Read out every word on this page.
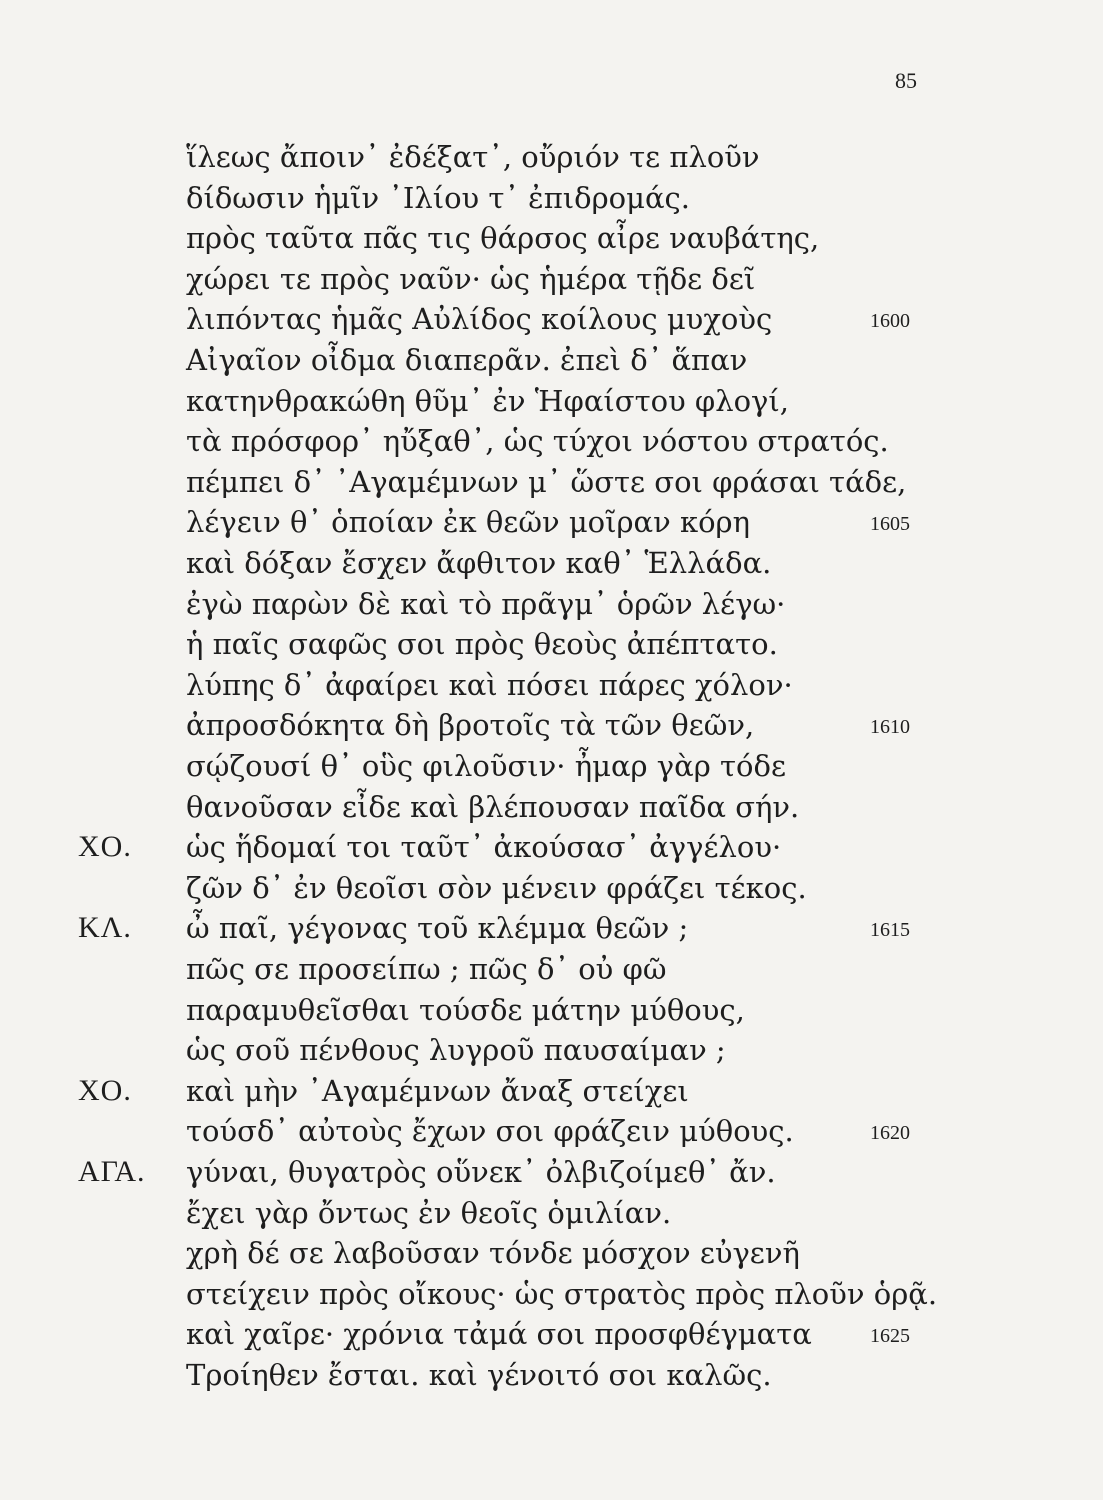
85
ἵλεως ἄποιν᾽ ἐδέξατ᾽, οὔριόν τε πλοῦν
δίδωσιν ἡμῖν ᾽Ιλίου τ᾽ ἐπιδρομάς.
πρὸς ταῦτα πᾶς τις θάρσος αἶρε ναυβάτης,
χώρει τε πρὸς ναῦν· ὡς ἡμέρα τῇδε δεῖ
λιπόντας ἡμᾶς Αὐλίδος κοίλους μυχοὺς	1600
Αἰγαῖον οἶδμα διαπερᾶν. ἐπεὶ δ᾽ ἅπαν
κατηνθρακώθη θῦμ᾽ ἐν Ἡφαίστου φλογί,
τὰ πρόσφορ᾽ ηὔξαθ᾽, ὡς τύχοι νόστου στρατός.
πέμπει δ᾽ ᾽Αγαμέμνων μ᾽ ὥστε σοι φράσαι τάδε,
λέγειν θ᾽ ὁποίαν ἐκ θεῶν μοῖραν κόρη	1605
καὶ δόξαν ἔσχεν ἄφθιτον καθ᾽ Ἑλλάδα.
ἐγὼ παρὼν δὲ καὶ τὸ πρᾶγμ᾽ ὁρῶν λέγω·
ἡ παῖς σαφῶς σοι πρὸς θεοὺς ἀπέπτατο.
λύπης δ᾽ ἀφαίρει καὶ πόσει πάρες χόλον·
ἀπροσδόκητα δὴ βροτοῖς τὰ τῶν θεῶν,	1610
σῴζουσί θ᾽ οὓς φιλοῦσιν· ἦμαρ γὰρ τόδε
θανοῦσαν εἶδε καὶ βλέπουσαν παῖδα σήν.
ΧΟ. ὡς ἥδομαί τοι ταῦτ᾽ ἀκούσασ᾽ ἀγγέλου·
ζῶν δ᾽ ἐν θεοῖσι σὸν μένειν φράζει τέκος.
ΚΛ. ὦ παῖ, γέγονας τοῦ κλέμμα θεῶν ;	1615
πῶς σε προσείπω ; πῶς δ᾽ οὐ φῶ
παραμυθεῖσθαι τούσδε μάτην μύθους,
ὡς σοῦ πένθους λυγροῦ παυσαίμαν ;
ΧΟ. καὶ μὴν ᾽Αγαμέμνων ἄναξ στείχει
τούσδ᾽ αὐτοὺς ἔχων σοι φράζειν μύθους.	1620
ΑΓΑ. γύναι, θυγατρὸς οὕνεκ᾽ ὀλβιζοίμεθ᾽ ἄν.
ἔχει γὰρ ὄντως ἐν θεοῖς ὁμιλίαν.
χρὴ δέ σε λαβοῦσαν τόνδε μόσχον εὐγενῆ
στείχειν πρὸς οἴκους· ὡς στρατὸς πρὸς πλοῦν ὁρᾷ.
καὶ χαῖρε· χρόνια τἀμά σοι προσφθέγματα	1625
Τροίηθεν ἔσται. καὶ γένοιτό σοι καλῶς.
